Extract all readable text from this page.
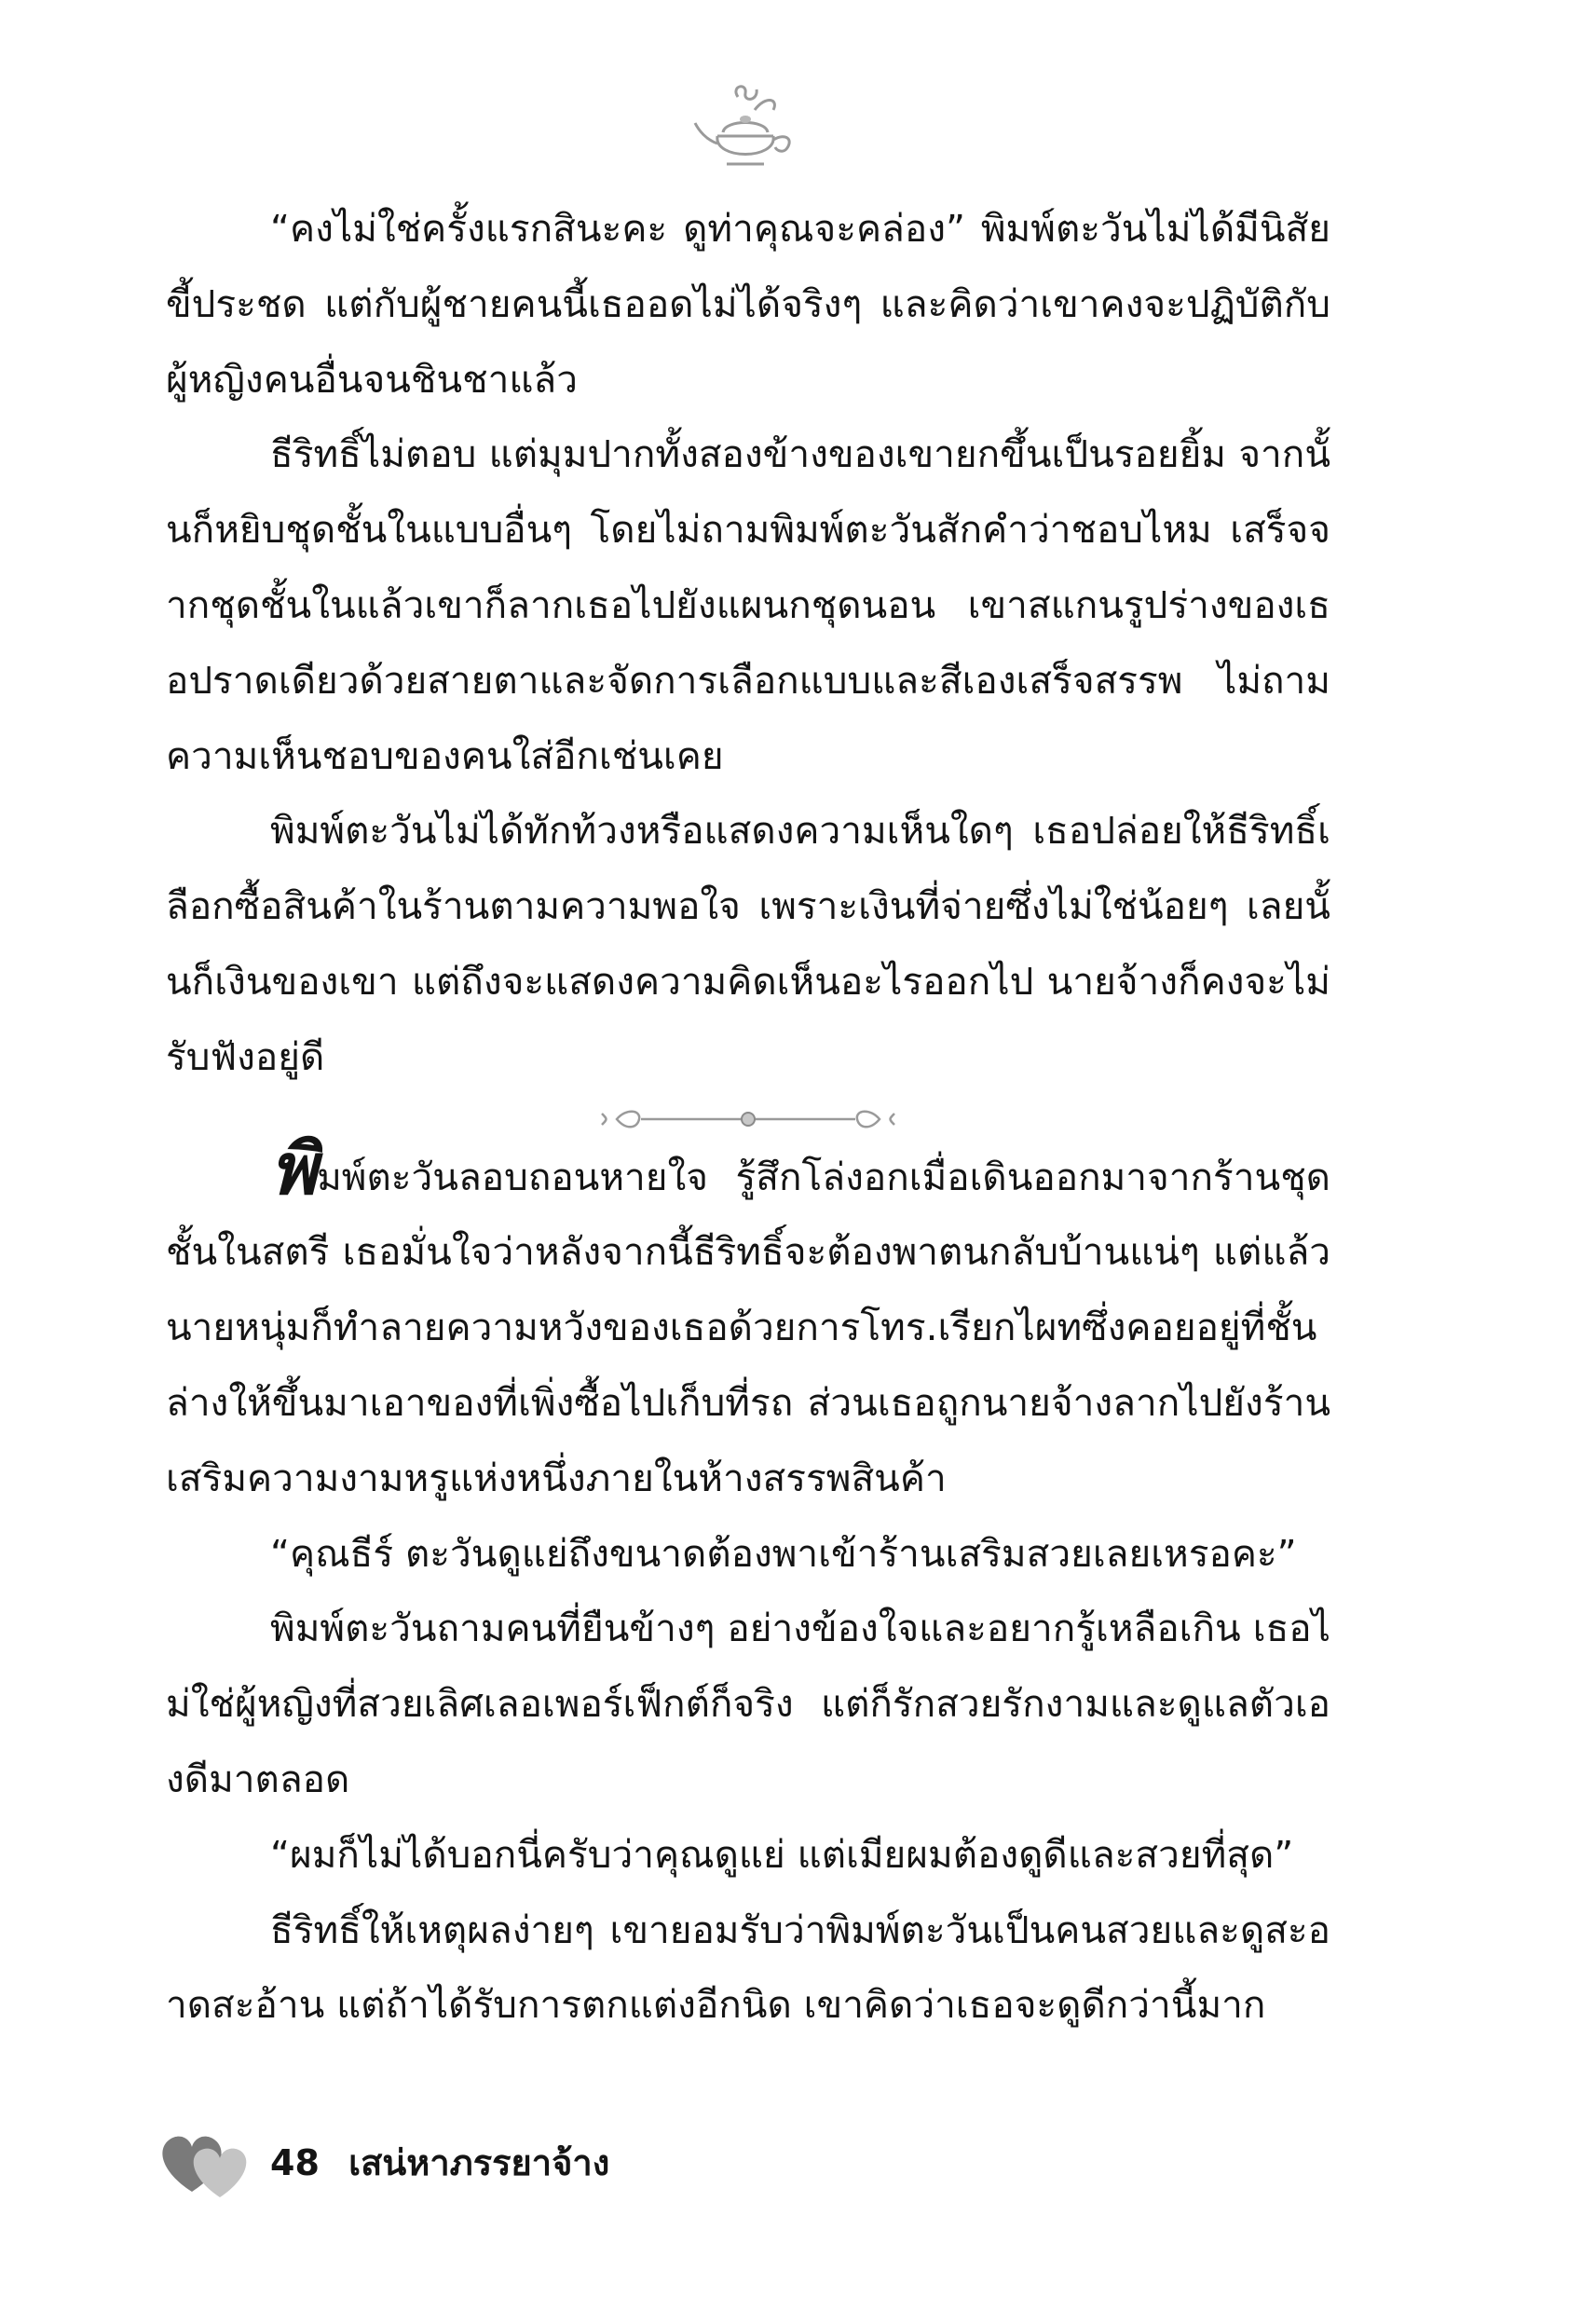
“คงไม่ใช่ครั้งแรกสินะคะ ดูท่าคุณจะคล่อง” พิมพ์ตะวันไม่ได้มีนิสัยขี้ประชด แต่กับผู้ชายคนนี้เธออดไม่ได้จริงๆ และคิดว่าเขาคงจะปฏิบัติกับผู้หญิงคนอื่นจนชินชาแล้ว

ธีริทธิ์ไม่ตอบ แต่มุมปากทั้งสองข้างของเขายกขึ้นเป็นรอยยิ้ม จากนั้นก็หยิบชุดชั้นในแบบอื่นๆ โดยไม่ถามพิมพ์ตะวันสักคำว่าชอบไหม เสร็จจากชุดชั้นในแล้วเขาก็ลากเธอไปยังแผนกชุดนอน เขาสแกนรูปร่างของเธอปราดเดียวด้วยสายตาและจัดการเลือกแบบและสีเองเสร็จสรรพ ไม่ถามความเห็นชอบของคนใส่อีกเช่นเคย

พิมพ์ตะวันไม่ได้ทักท้วงหรือแสดงความเห็นใดๆ เธอปล่อยให้ธีริทธิ์เลือกซื้อสินค้าในร้านตามความพอใจ เพราะเงินที่จ่ายซึ่งไม่ใช่น้อยๆ เลยนั้นก็เงินของเขา แต่ถึงจะแสดงความคิดเห็นอะไรออกไป นายจ้างก็คงจะไม่รับฟังอยู่ดี

พิมพ์ตะวันลอบถอนหายใจ รู้สึกโล่งอกเมื่อเดินออกมาจากร้านชุดชั้นในสตรี เธอมั่นใจว่าหลังจากนี้ธีริทธิ์จะต้องพาตนกลับบ้านแน่ๆ แต่แล้วนายหนุ่มก็ทำลายความหวังของเธอด้วยการโทร.เรียกไผทซึ่งคอยอยู่ที่ชั้นล่างให้ขึ้นมาเอาของที่เพิ่งซื้อไปเก็บที่รถ ส่วนเธอถูกนายจ้างลากไปยังร้านเสริมความงามหรูแห่งหนึ่งภายในห้างสรรพสินค้า

“คุณธีร์ ตะวันดูแย่ถึงขนาดต้องพาเข้าร้านเสริมสวยเลยเหรอคะ”

พิมพ์ตะวันถามคนที่ยืนข้างๆ อย่างข้องใจและอยากรู้เหลือเกิน เธอไม่ใช่ผู้หญิงที่สวยเลิศเลอเพอร์เฟ็กต์ก็จริง แต่ก็รักสวยรักงามและดูแลตัวเองดีมาตลอด

“ผมก็ไม่ได้บอกนี่ครับว่าคุณดูแย่ แต่เมียผมต้องดูดีและสวยที่สุด”

ธีริทธิ์ให้เหตุผลง่ายๆ เขายอมรับว่าพิมพ์ตะวันเป็นคนสวยและดูสะอาดสะอ้าน แต่ถ้าได้รับการตกแต่งอีกนิด เขาคิดว่าเธอจะดูดีกว่านี้มาก

48 เสน่หาภรรยาจ้าง
